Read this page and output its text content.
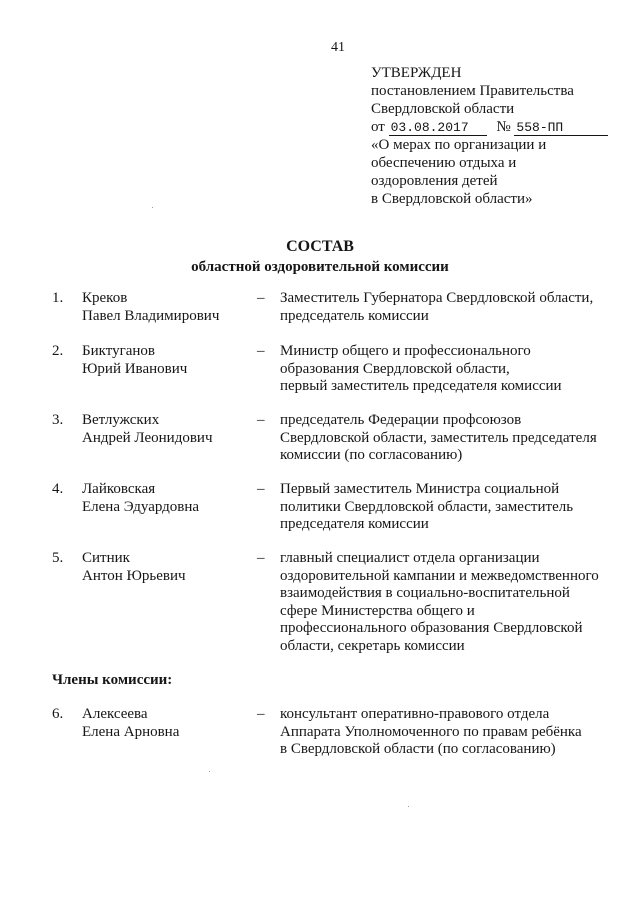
41
УТВЕРЖДЕН
постановлением Правительства
Свердловской области
от 03.08.2017 № 558-ПП
«О мерах по организации и
обеспечению отдыха и
оздоровления детей
в Свердловской области»
СОСТАВ
областной оздоровительной комиссии
1. Креков
Павел Владимирович
– Заместитель Губернатора Свердловской области,
председатель комиссии
2. Биктуганов
Юрий Иванович
– Министр общего и профессионального
образования Свердловской области,
первый заместитель председателя комиссии
3. Ветлужских
Андрей Леонидович
– председатель Федерации профсоюзов
Свердловской области, заместитель председателя
комиссии (по согласованию)
4. Лайковская
Елена Эдуардовна
– Первый заместитель Министра социальной
политики Свердловской области, заместитель
председателя комиссии
5. Ситник
Антон Юрьевич
– главный специалист отдела организации
оздоровительной кампании и межведомственного
взаимодействия в социально-воспитательной
сфере Министерства общего и
профессионального образования Свердловской
области, секретарь комиссии
Члены комиссии:
6. Алексеева
Елена Арновна
– консультант оперативно-правового отдела
Аппарата Уполномоченного по правам ребёнка
в Свердловской области (по согласованию)
